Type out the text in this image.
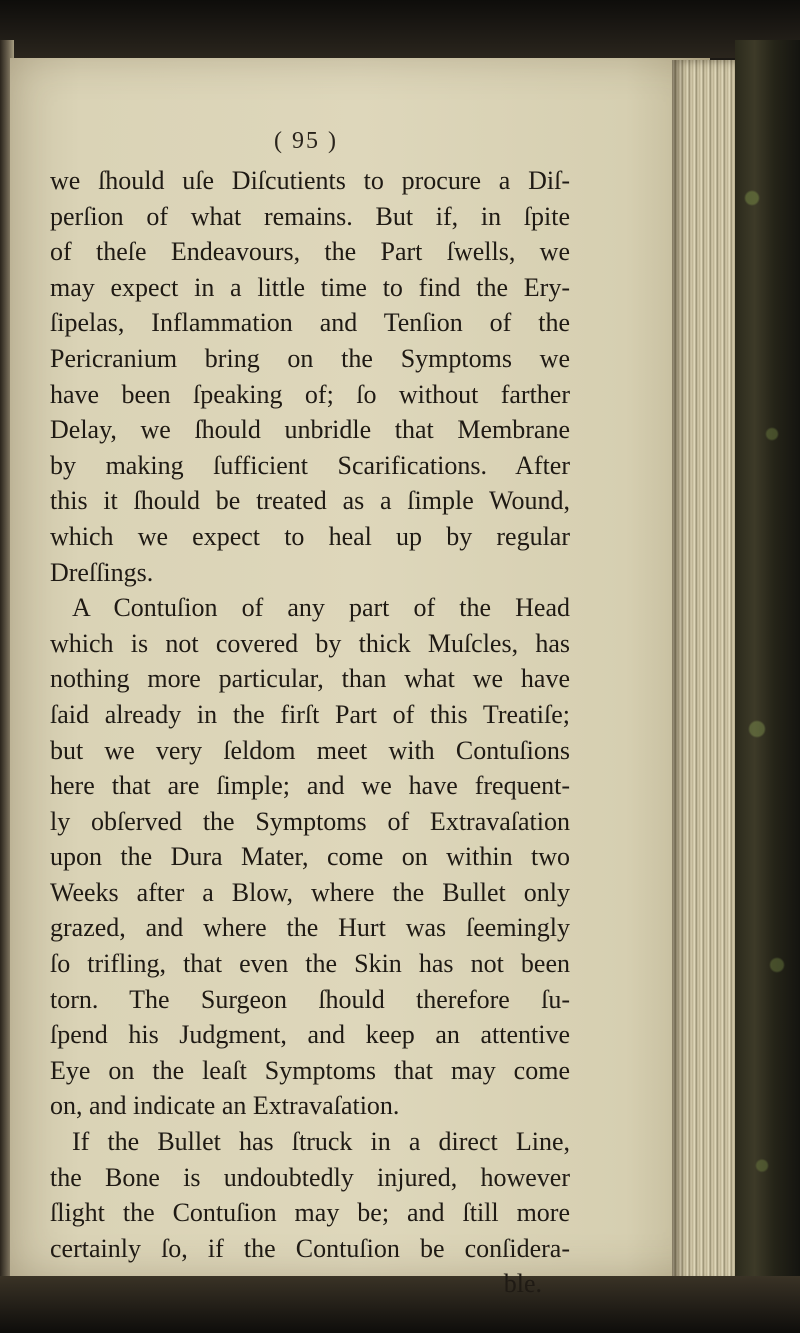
( 95 )
we ſhould uſe Diſcutients to procure a Diſ-
perſion of what remains. But if, in ſpite
of theſe Endeavours, the Part ſwells, we
may expect in a little time to find the Ery-
ſipelas, Inflammation and Tenſion of the
Pericranium bring on the Symptoms we
have been ſpeaking of; ſo without farther
Delay, we ſhould unbridle that Membrane
by making ſufficient Scarifications. After
this it ſhould be treated as a ſimple Wound,
which we expect to heal up by regular
Dreſſings.
A Contuſion of any part of the Head
which is not covered by thick Muſcles, has
nothing more particular, than what we have
ſaid already in the firſt Part of this Treatiſe;
but we very ſeldom meet with Contuſions
here that are ſimple; and we have frequent-
ly obſerved the Symptoms of Extravaſation
upon the Dura Mater, come on within two
Weeks after a Blow, where the Bullet only
grazed, and where the Hurt was ſeemingly
ſo trifling, that even the Skin has not been
torn. The Surgeon ſhould therefore ſu-
ſpend his Judgment, and keep an attentive
Eye on the leaſt Symptoms that may come
on, and indicate an Extravaſation.
If the Bullet has ſtruck in a direct Line,
the Bone is undoubtedly injured, however
ſlight the Contuſion may be; and ſtill more
certainly ſo, if the Contuſion be conſidera-
ble.
